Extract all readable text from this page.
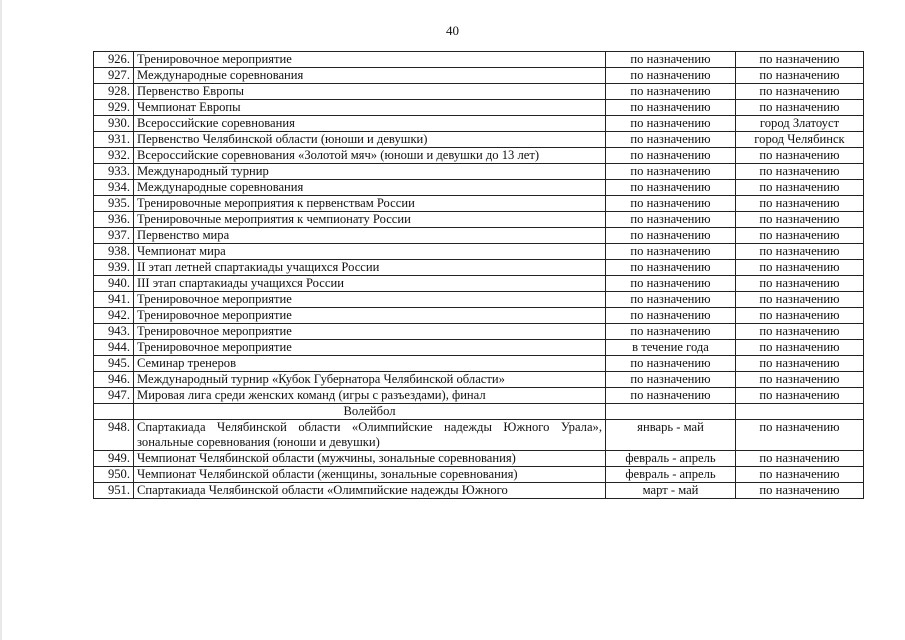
40
926.	Тренировочное мероприятие	по назначению	по назначению
927.	Международные соревнования	по назначению	по назначению
928.	Первенство Европы	по назначению	по назначению
929.	Чемпионат Европы	по назначению	по назначению
930.	Всероссийские соревнования	по назначению	город Златоуст
931.	Первенство Челябинской области (юноши и девушки)	по назначению	город Челябинск
932.	Всероссийские соревнования «Золотой мяч» (юноши и девушки до 13 лет)	по назначению	по назначению
933.	Международный турнир	по назначению	по назначению
934.	Международные соревнования	по назначению	по назначению
935.	Тренировочные мероприятия к первенствам России	по назначению	по назначению
936.	Тренировочные мероприятия к чемпионату России	по назначению	по назначению
937.	Первенство мира	по назначению	по назначению
938.	Чемпионат мира	по назначению	по назначению
939.	II этап летней спартакиады учащихся России	по назначению	по назначению
940.	III этап спартакиады учащихся России	по назначению	по назначению
941.	Тренировочное мероприятие	по назначению	по назначению
942.	Тренировочное мероприятие	по назначению	по назначению
943.	Тренировочное мероприятие	по назначению	по назначению
944.	Тренировочное мероприятие	в течение года	по назначению
945.	Семинар тренеров	по назначению	по назначению
946.	Международный турнир «Кубок Губернатора Челябинской области»	по назначению	по назначению
947.	Мировая лига среди женских команд (игры с разъездами), финал	по назначению	по назначению
	Волейбол		
948.	Спартакиада Челябинской области «Олимпийские надежды Южного Урала», зональные соревнования (юноши и девушки)	январь - май	по назначению
949.	Чемпионат Челябинской области (мужчины, зональные соревнования)	февраль - апрель	по назначению
950.	Чемпионат Челябинской области (женщины, зональные соревнования)	февраль - апрель	по назначению
951.	Спартакиада Челябинской области «Олимпийские надежды Южного	март - май	по назначению
